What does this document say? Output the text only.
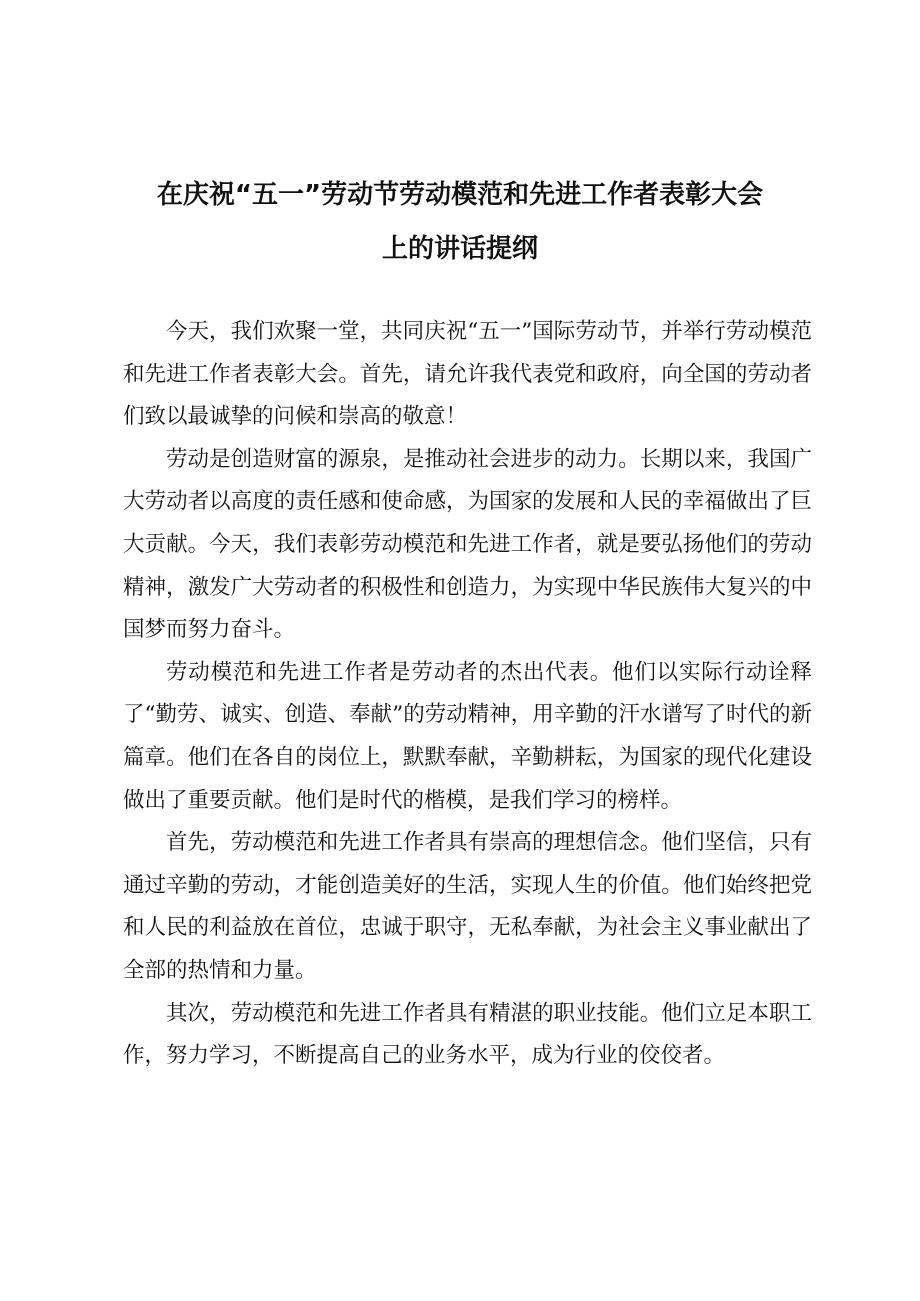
在庆祝“五一”劳动节劳动模范和先进工作者表彰大会
上的讲话提纲

今天，我们欢聚一堂，共同庆祝“五一”国际劳动节，并举行劳动模范和先进工作者表彰大会。首先，请允许我代表党和政府，向全国的劳动者们致以最诚挚的问候和崇高的敬意！

劳动是创造财富的源泉，是推动社会进步的动力。长期以来，我国广大劳动者以高度的责任感和使命感，为国家的发展和人民的幸福做出了巨大贡献。今天，我们表彰劳动模范和先进工作者，就是要弘扬他们的劳动精神，激发广大劳动者的积极性和创造力，为实现中华民族伟大复兴的中国梦而努力奋斗。

劳动模范和先进工作者是劳动者的杰出代表。他们以实际行动诠释了“勤劳、诚实、创造、奉献”的劳动精神，用辛勤的汗水谱写了时代的新篇章。他们在各自的岗位上，默默奉献，辛勤耕耘，为国家的现代化建设做出了重要贡献。他们是时代的楷模，是我们学习的榜样。

首先，劳动模范和先进工作者具有崇高的理想信念。他们坚信，只有通过辛勤的劳动，才能创造美好的生活，实现人生的价值。他们始终把党和人民的利益放在首位，忠诚于职守，无私奉献，为社会主义事业献出了全部的热情和力量。

其次，劳动模范和先进工作者具有精湛的职业技能。他们立足本职工作，努力学习，不断提高自己的业务水平，成为行业的佼佼者。
